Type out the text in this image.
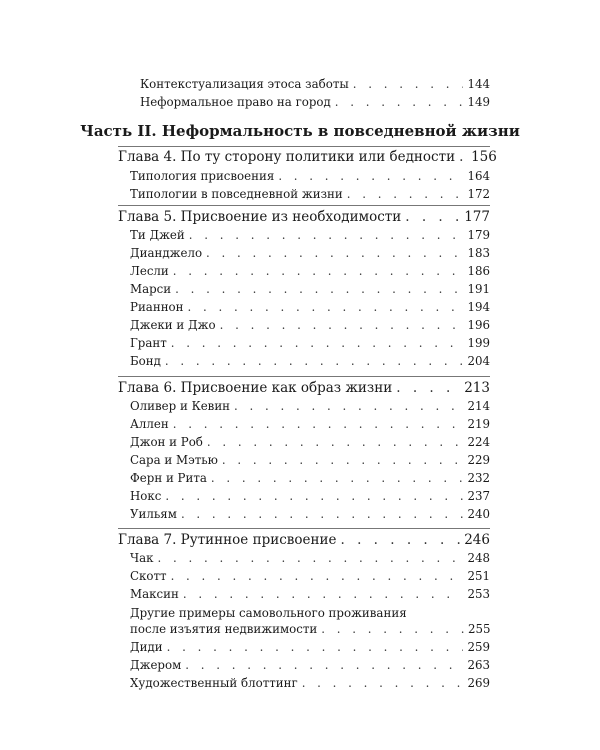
Контекстуализация этоса заботы . . .	144
Неформальное право на город . . .	149
Часть II. Неформальность в повседневной жизни
Глава 4. По ту сторону политики или бедности . . . 156
Типология присвоения . . .	164
Типологии в повседневной жизни . . .	172
Глава 5. Присвоение из необходимости . . .	177
Ти Джей . . .	179
Дианджело . . .	183
Лесли . . .	186
Марси . . .	191
Рианнон . . .	194
Джеки и Джо . . .	196
Грант . . .	199
Бонд . . .	204
Глава 6. Присвоение как образ жизни . . .	213
Оливер и Кевин . . .	214
Аллен . . .	219
Джон и Роб . . .	224
Сара и Мэтью . . .	229
Ферн и Рита . . .	232
Нокс . . .	237
Уильям . . .	240
Глава 7. Рутинное присвоение . . .	246
Чак . . .	248
Скотт . . .	251
Максин . . .	253
Другие примеры самовольного проживания
после изъятия недвижимости . . .	255
Диди . . .	259
Джером . . .	263
Художественный блоттинг . . .	269
